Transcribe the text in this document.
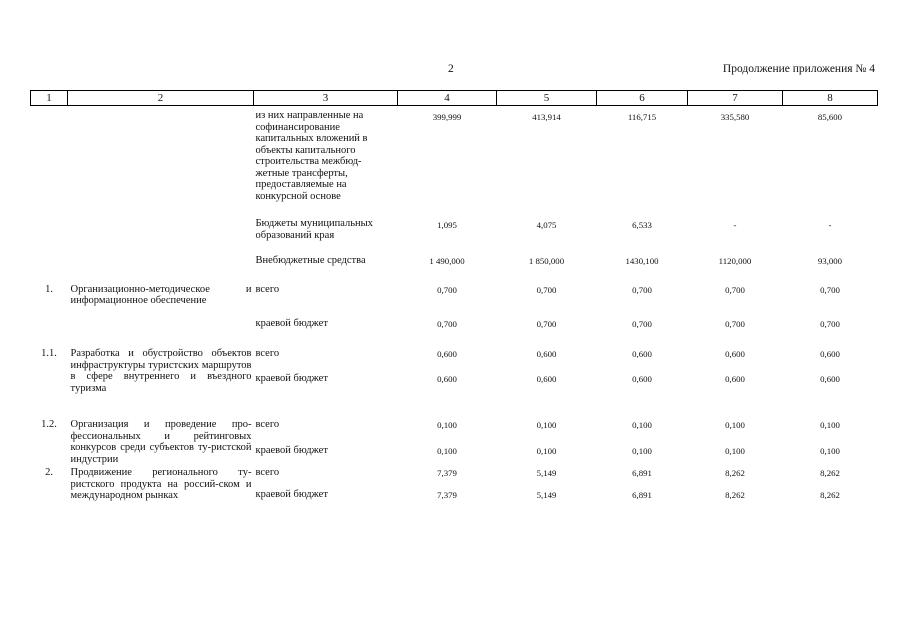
2	Продолжение приложения № 4
1	2	3	4	5	6	7	8
		из них направленные на софинансирование капитальных вложений в объекты капитального строительства межбюд-жетные трансферты, предоставляемые на конкурсной основе	399,999	413,914	116,715	335,580	85,600
		Бюджеты муниципальных образований края	1,095	4,075	6,533	-	-
		Внебюджетные средства	1 490,000	1 850,000	1430,100	1120,000	93,000
1.	Организационно-методическое и информационное обеспечение	всего	0,700	0,700	0,700	0,700	0,700
		краевой бюджет	0,700	0,700	0,700	0,700	0,700
1.1.	Разработка и обустройство объектов инфраструктуры туристских маршрутов в сфере внутреннего и въездного туризма	всего	0,600	0,600	0,600	0,600	0,600
		краевой бюджет	0,600	0,600	0,600	0,600	0,600
1.2.	Организация и проведение про-фессиональных и рейтинговых конкурсов среди субъектов ту-ристской индустрии	всего	0,100	0,100	0,100	0,100	0,100
		краевой бюджет	0,100	0,100	0,100	0,100	0,100
2.	Продвижение регионального ту-ристского продукта на россий-ском и международном рынках	всего	7,379	5,149	6,891	8,262	8,262
		краевой бюджет	7,379	5,149	6,891	8,262	8,262
